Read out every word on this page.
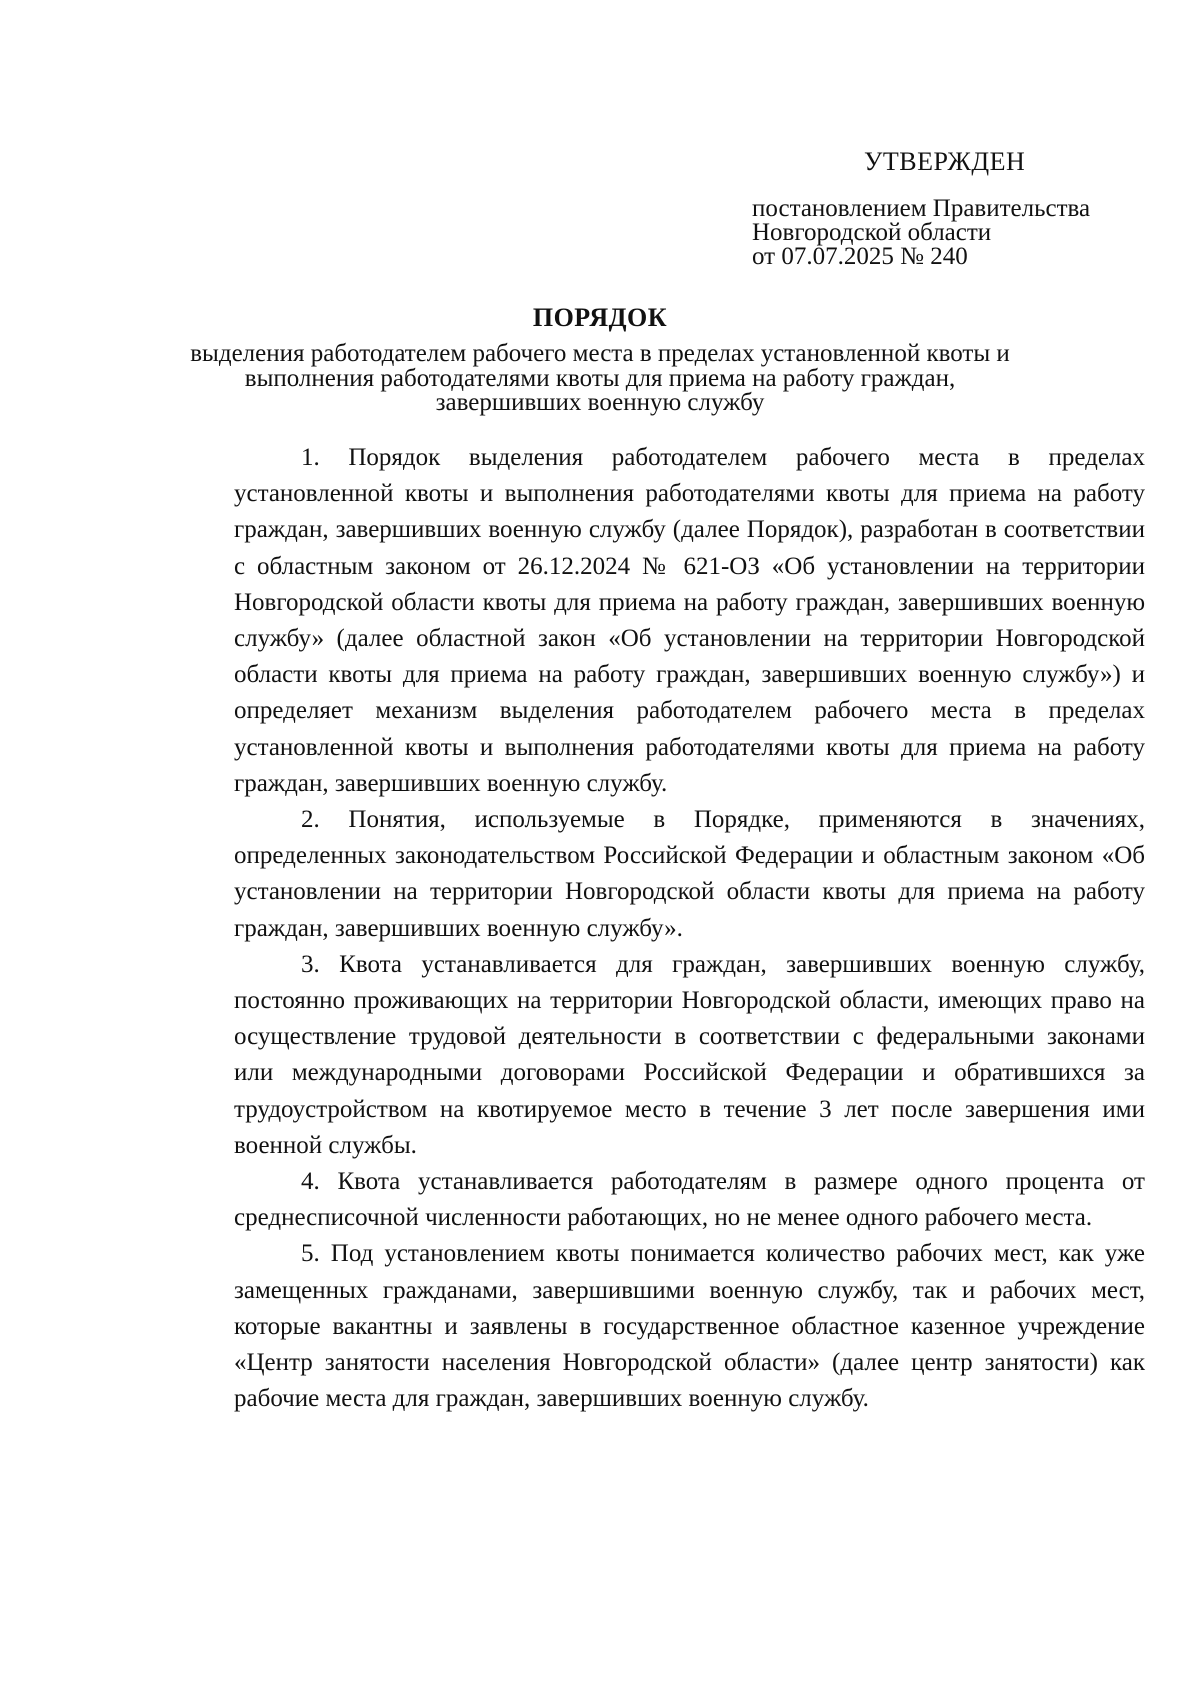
УТВЕРЖДЕН
постановлением Правительства
Новгородской области
от 07.07.2025 № 240
ПОРЯДОК
выделения работодателем рабочего места в пределах установленной квоты и
выполнения работодателями квоты для приема на работу граждан,
завершивших военную службу

1. Порядок выделения работодателем рабочего места в пределах установленной квоты и выполнения работодателями квоты для приема на работу граждан, завершивших военную службу (далее Порядок), разработан в соответствии с областным законом от 26.12.2024 № 621-ОЗ «Об установлении на территории Новгородской области квоты для приема на работу граждан, завершивших военную службу» (далее областной закон «Об установлении на территории Новгородской области квоты для приема на работу граждан, завершивших военную службу») и определяет механизм выделения работодателем рабочего места в пределах установленной квоты и выполнения работодателями квоты для приема на работу граждан, завершивших военную службу.

2. Понятия, используемые в Порядке, применяются в значениях, определенных законодательством Российской Федерации и областным законом «Об установлении на территории Новгородской области квоты для приема на работу граждан, завершивших военную службу».

3. Квота устанавливается для граждан, завершивших военную службу, постоянно проживающих на территории Новгородской области, имеющих право на осуществление трудовой деятельности в соответствии с федеральными законами или международными договорами Российской Федерации и обратившихся за трудоустройством на квотируемое место в течение 3 лет после завершения ими военной службы.

4. Квота устанавливается работодателям в размере одного процента от среднесписочной численности работающих, но не менее одного рабочего места.

5. Под установлением квоты понимается количество рабочих мест, как уже замещенных гражданами, завершившими военную службу, так и рабочих мест, которые вакантны и заявлены в государственное областное казенное учреждение «Центр занятости населения Новгородской области» (далее центр занятости) как рабочие места для граждан, завершивших военную службу.
